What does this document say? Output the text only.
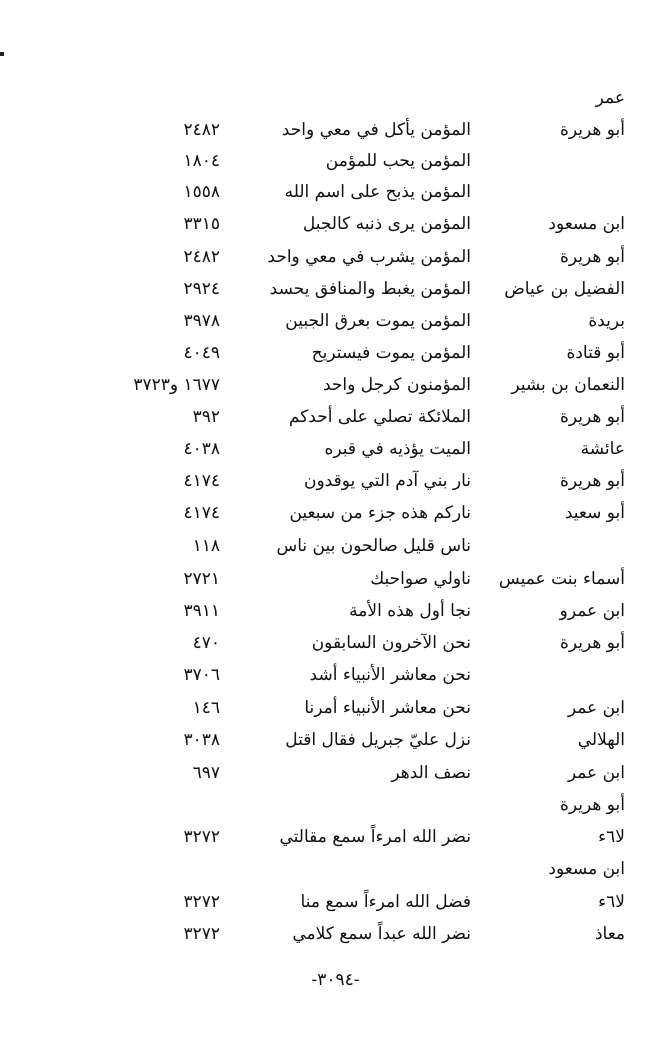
عمر
أبو هريرة
المؤمن يأكل في معي واحد
٢٤٨٢
المؤمن يحب للمؤمن
١٨٠٤
المؤمن يذبح على اسم الله
١٥٥٨
ابن مسعود
المؤمن يرى ذنبه كالجبل
٣٣١٥
أبو هريرة
المؤمن يشرب في معي واحد
٢٤٨٢
الفضيل بن عياض
المؤمن يغبط والمنافق يحسد
٢٩٢٤
بريدة
المؤمن يموت بعرق الجبين
٣٩٧٨
أبو قتادة
المؤمن يموت فيستريح
٤٠٤٩
النعمان بن بشير
المؤمنون كرجل واحد
١٦٧٧ و٣٧٢٣
أبو هريرة
الملائكة تصلي على أحدكم
٣٩٢
عائشة
الميت يؤذيه في قبره
٤٠٣٨
أبو هريرة
نار بني آدم التي يوقدون
٤١٧٤
أبو سعيد
ناركم هذه جزء من سبعين
٤١٧٤
ناس قليل صالحون بين ناس
١١٨
أسماء بنت عميس
ناولي صواحبك
٢٧٢١
ابن عمرو
نجا أول هذه الأمة
٣٩١١
أبو هريرة
نحن الآخرون السابقون
٤٧٠
نحن معاشر الأنبياء أشد
٣٧٠٦
ابن عمر
نحن معاشر الأنبياء أمرنا
١٤٦
الهلالي
نزل عليّ جبريل فقال اقتل
٣٠٣٨
ابن عمر
نصف الدهر
٦٩٧
أبو هريرة
لا٦ء
نضر الله امرءاً سمع مقالتي
٣٢٧٢
ابن مسعود
لا٦ء
فضل الله امرءاً سمع منا
٣٢٧٢
معاذ
نضر الله عبداً سمع كلامي
٣٢٧٢
-٣٠٩٤-
